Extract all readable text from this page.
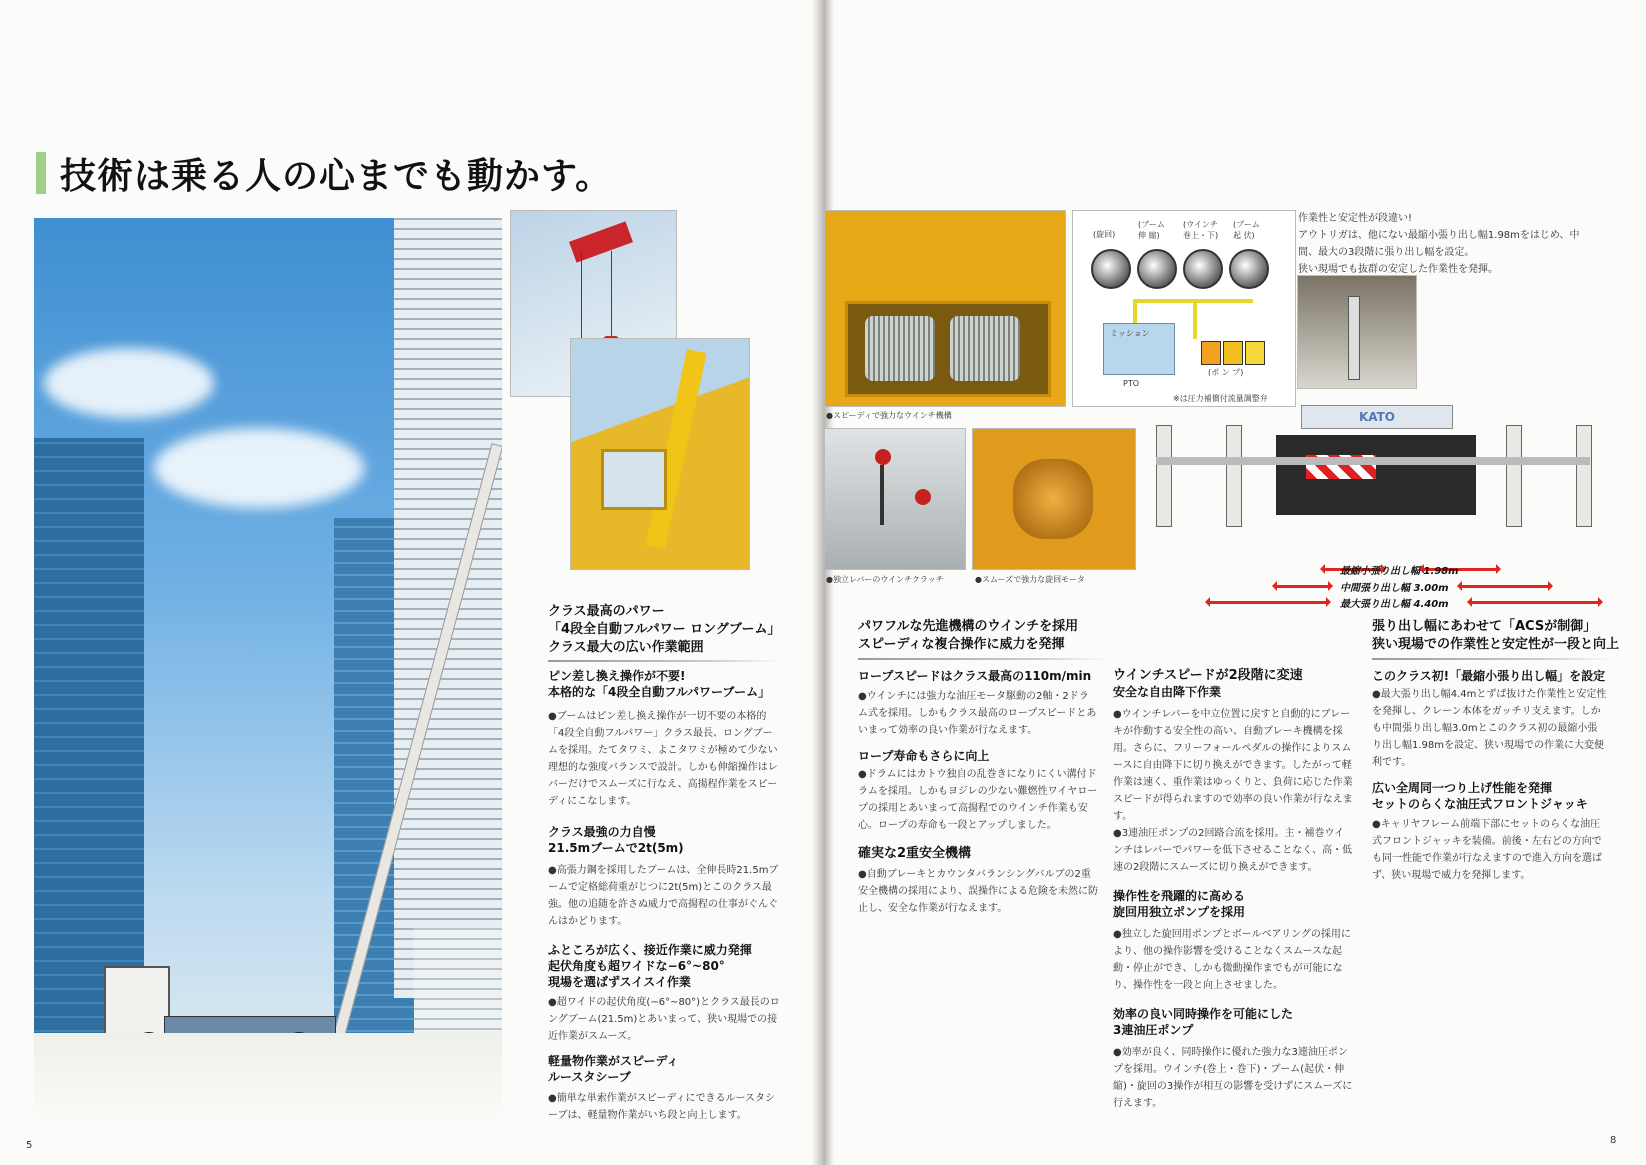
技術は乗る人の心までも動かす。
クラス最高のパワー
「4段全自動フルパワー ロングブーム」
クラス最大の広い作業範囲
ピン差し換え操作が不要!
本格的な「4段全自動フルパワーブーム」
●ブームはピン差し換え操作が一切不要の本格的「4段全自動フルパワー」クラス最長、ロングブームを採用。たてタワミ、よこタワミが極めて少ない理想的な強度バランスで設計。しかも伸縮操作はレバーだけでスムーズに行なえ、高揚程作業をスピーディにこなします。
クラス最強の力自慢
21.5mブームで2t(5m)
●高張力鋼を採用したブームは、全伸長時21.5mブームで定格総荷重がじつに2t(5m)とこのクラス最強。他の追随を許さぬ威力で高揚程の仕事がぐんぐんはかどります。
ふところが広く、接近作業に威力発揮
起伏角度も超ワイドな−6°~80°
現場を選ばずスイスイ作業
●超ワイドの起伏角度(−6°~80°)とクラス最長のロングブーム(21.5m)とあいまって、狭い現場での接近作業がスムーズ。
軽量物作業がスピーディ
ルースタシーブ
●簡単な単索作業がスピーディにできるルースタシーブは、軽量物作業がいち段と向上します。
5
●スピーディで強力なウインチ機構
(旋回)
(ブーム
伸 縮)
(ウインチ
巻上・下)
(ブーム
起 伏)
ミッション
(ポ ン プ)
PTO
※は圧力補償付流量調整弁
作業性と安定性が段違い!
アウトリガは、他にない最縮小張り出し幅1.98mをはじめ、中間、最大の3段階に張り出し幅を設定。
狭い現場でも抜群の安定した作業性を発揮。
●独立レバーのウインチクラッチ	●スムーズで強力な旋回モータ
KATO
最縮小張り出し幅 1.98m
中間張り出し幅 3.00m
最大張り出し幅 4.40m
パワフルな先進機構のウインチを採用
スピーディな複合操作に威力を発揮
ロープスピードはクラス最高の110m/min
●ウインチには強力な油圧モータ駆動の2軸・2ドラム式を採用。しかもクラス最高のロープスピードとあいまって効率の良い作業が行なえます。
ロープ寿命もさらに向上
●ドラムにはカトウ独自の乱巻きになりにくい溝付ドラムを採用。しかもヨジレの少ない難燃性ワイヤロープの採用とあいまって高揚程でのウインチ作業も安心。ロープの寿命も一段とアップしました。
確実な2重安全機構
●自動ブレーキとカウンタバランシングバルブの2重安全機構の採用により、誤操作による危険を未然に防止し、安全な作業が行なえます。
ウインチスピードが2段階に変速
安全な自由降下作業
●ウインチレバーを中立位置に戻すと自動的にブレーキが作動する安全性の高い、自動ブレーキ機構を採用。さらに、フリーフォールペダルの操作によりスムースに自由降下に切り換えができます。したがって軽作業は速く、重作業はゆっくりと、負荷に応じた作業スピードが得られますので効率の良い作業が行なえます。
●3連油圧ポンプの2回路合流を採用。主・補巻ウインチはレバーでパワーを低下させることなく、高・低速の2段階にスムーズに切り換えができます。
操作性を飛躍的に高める
旋回用独立ポンプを採用
●独立した旋回用ポンプとボールベアリングの採用により、他の操作影響を受けることなくスムースな起動・停止ができ、しかも微動操作までもが可能になり、操作性を一段と向上させました。
効率の良い同時操作を可能にした
3連油圧ポンプ
●効率が良く、同時操作に優れた強力な3連油圧ポンプを採用。ウインチ(巻上・巻下)・ブーム(起伏・伸縮)・旋回の3操作が相互の影響を受けずにスムーズに行えます。
張り出し幅にあわせて「ACSが制御」
狭い現場での作業性と安定性が一段と向上
このクラス初!「最縮小張り出し幅」を設定
●最大張り出し幅4.4mとずば抜けた作業性と安定性を発揮し、クレーン本体をガッチリ支えます。しかも中間張り出し幅3.0mとこのクラス初の最縮小張り出し幅1.98mを設定、狭い現場での作業に大変便利です。
広い全周同一つり上げ性能を発揮
セットのらくな油圧式フロントジャッキ
●キャリヤフレーム前端下部にセットのらくな油圧式フロントジャッキを装備。前後・左右どの方向でも同一性能で作業が行なえますので進入方向を選ばず、狭い現場で威力を発揮します。
8
